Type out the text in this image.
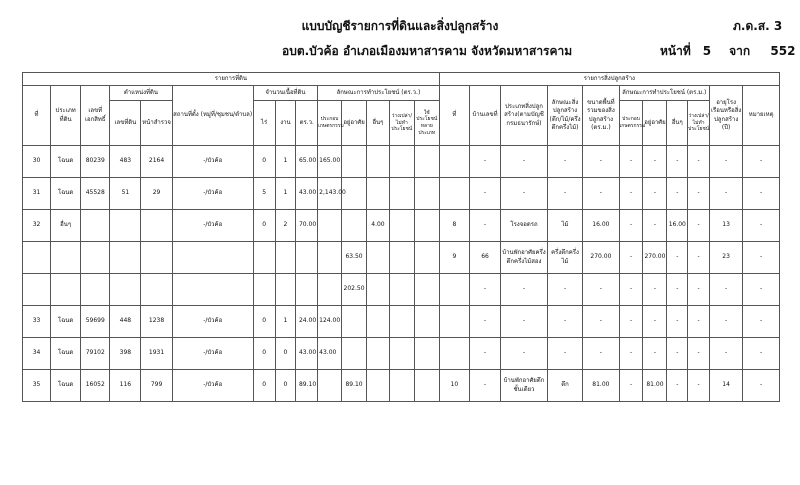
แบบบัญชีรายการที่ดินและสิ่งปลูกสร้าง	ภ.ด.ส. 3
อบต.บัวค้อ อำเภอเมืองมหาสารคาม จังหวัดมหาสารคาม	หน้าที่ 5 จาก 552
รายการที่ดิน														รายการสิ่งปลูกสร้าง										
ที่	ประเภทที่ดิน	เลขที่เอกสิทธิ์	ตำแหน่งที่ดิน		สถานที่ตั้ง (หมู่ที่/ชุมชน/ตำบล)	จำนวนเนื้อที่ดิน			ลักษณะการทำประโยชน์ (ตร.ว.)					ที่	บ้านเลขที่	ประเภทสิ่งปลูกสร้าง(ตามบัญชีกรมธนารักษ์)	ลักษณะสิ่งปลูกสร้าง (ตึก/ไม้/ครึ่งตึกครึ่งไม้)	ขนาดพื้นที่รวมของสิ่งปลูกสร้าง (ตร.ม.)	ลักษณะการทำประโยชน์ (ตร.ม.)				อายุโรงเรือนหรือสิ่งปลูกสร้าง (ปี)	หมายเหตุ
			เลขที่ดิน	หน้าสำรวจ		ไร่	งาน	ตร.ว.	ประกอบเกษตรกรรม	อยู่อาศัย	อื่นๆ	ว่างเปล่า/ไม่ทำประโยชน์	ใช้ประโยชน์หลายประเภท						ประกอบเกษตรกรรม	อยู่อาศัย	อื่นๆ	ว่างเปล่า/ไม่ทำประโยชน์		
30	โฉนด	80239	483	2164	-/บัวค้อ	0	1	65.00	165.00						-	-	-	-	-	-	-	-	-	-
31	โฉนด	45528	51	29	-/บัวค้อ	5	1	43.00	2,143.00						-	-	-	-	-	-	-	-	-	-
32	อื่นๆ				-/บัวค้อ	0	2	70.00			4.00			8	-	โรงจอดรถ	ไม้	16.00	-	-	16.00	-	13	-
										63.50				9	66	บ้านพักอาศัยครึ่งตึกครึ่งไม้สอง	ครึ่งตึกครึ่งไม้	270.00	-	270.00	-	-	23	-
										202.50					-	-	-	-	-	-	-	-	-	-
33	โฉนด	59699	448	1238	-/บัวค้อ	0	1	24.00	124.00						-	-	-	-	-	-	-	-	-	-
34	โฉนด	79102	398	1931	-/บัวค้อ	0	0	43.00	43.00						-	-	-	-	-	-	-	-	-	-
35	โฉนด	16052	116	799	-/บัวค้อ	0	0	89.10		89.10				10	-	บ้านพักอาศัยตึกชั้นเดียว	ตึก	81.00	-	81.00	-	-	14	-
